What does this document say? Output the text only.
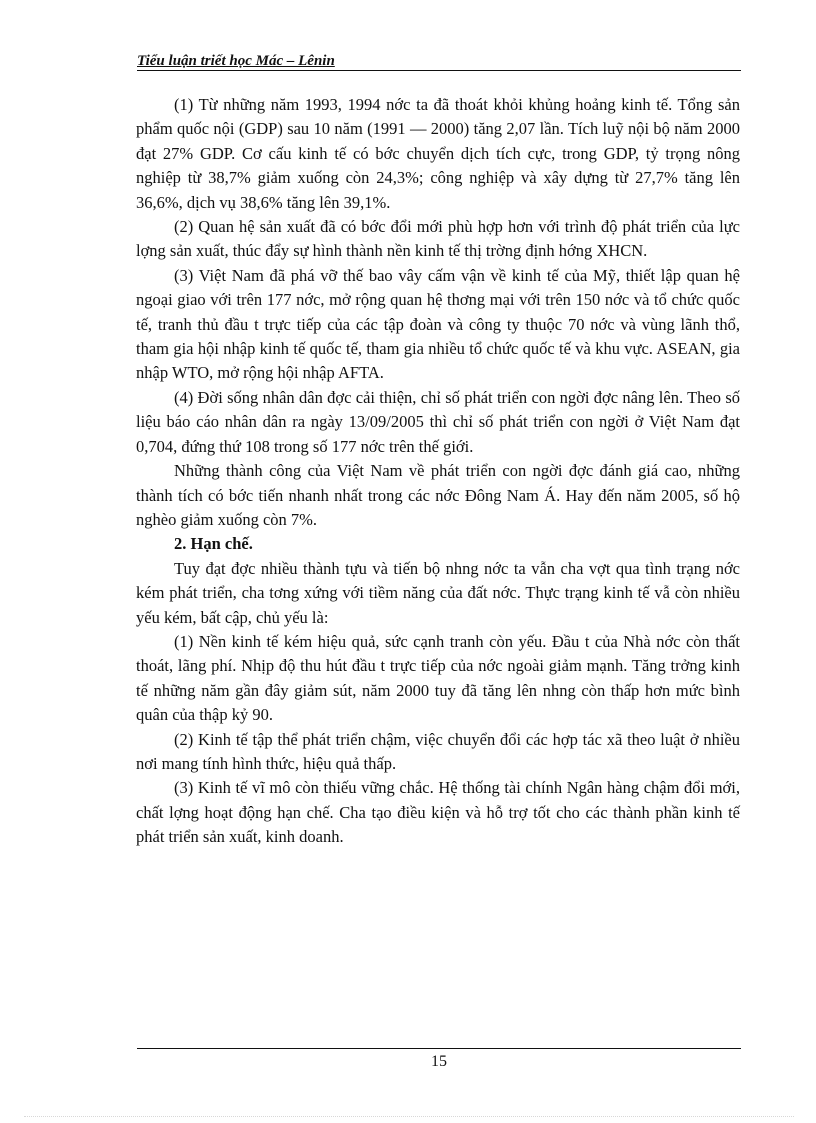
Tiểu luận triết học Mác – Lênin

(1) Từ những năm 1993, 1994 nớc ta đã thoát khỏi khủng hoảng kinh tế. Tổng sản phẩm quốc nội (GDP) sau 10 năm (1991 — 2000) tăng 2,07 lần. Tích luỹ nội bộ năm 2000 đạt 27% GDP. Cơ cấu kinh tế có bớc chuyển dịch tích cực, trong GDP, tỷ trọng nông nghiệp từ 38,7% giảm xuống còn 24,3%; công nghiệp và xây dựng từ 27,7% tăng lên 36,6%, dịch vụ 38,6% tăng lên 39,1%.

(2) Quan hệ sản xuất đã có bớc đổi mới phù hợp hơn với trình độ phát triển của lực lợng sản xuất, thúc đẩy sự hình thành nền kinh tế thị trờng định hớng XHCN.

(3) Việt Nam đã phá vỡ thế bao vây cấm vận về kinh tế của Mỹ, thiết lập quan hệ ngoại giao với trên 177 nớc, mở rộng quan hệ thơng mại với trên 150 nớc và tổ chức quốc tế, tranh thủ đầu t trực tiếp của các tập đoàn và công ty thuộc 70 nớc và vùng lãnh thổ, tham gia hội nhập kinh tế quốc tế, tham gia nhiều tổ chức quốc tế và khu vực. ASEAN, gia nhập WTO, mở rộng hội nhập AFTA.

(4) Đời sống nhân dân đợc cải thiện, chỉ số phát triển con ngời đợc nâng lên. Theo số liệu báo cáo nhân dân ra ngày 13/09/2005 thì chỉ số phát triển con ngời ở Việt Nam đạt 0,704, đứng thứ 108 trong số 177 nớc trên thế giới.

Những thành công của Việt Nam về phát triển con ngời đợc đánh giá cao, những thành tích có bớc tiến nhanh nhất trong các nớc Đông Nam Á. Hay đến năm 2005, số hộ nghèo giảm xuống còn 7%.

2. Hạn chế.

Tuy đạt đợc nhiều thành tựu và tiến bộ nhng nớc ta vẫn cha vợt qua tình trạng nớc kém phát triển, cha tơng xứng với tiềm năng của đất nớc. Thực trạng kinh tế vẫ còn nhiều yếu kém, bất cập, chủ yếu là:

(1) Nền kinh tế kém hiệu quả, sức cạnh tranh còn yếu. Đầu t của Nhà nớc còn thất thoát, lãng phí. Nhịp độ thu hút đầu t trực tiếp của nớc ngoài giảm mạnh. Tăng trởng kinh tế những năm gần đây giảm sút, năm 2000 tuy đã tăng lên nhng còn thấp hơn mức bình quân của thập kỷ 90.

(2) Kinh tế tập thể phát triển chậm, việc chuyển đổi các hợp tác xã theo luật ở nhiều nơi mang tính hình thức, hiệu quả thấp.

(3) Kinh tế vĩ mô còn thiếu vững chắc. Hệ thống tài chính Ngân hàng chậm đổi mới, chất lợng hoạt động hạn chế. Cha tạo điều kiện và hỗ trợ tốt cho các thành phần kinh tế phát triển sản xuất, kinh doanh.

15
